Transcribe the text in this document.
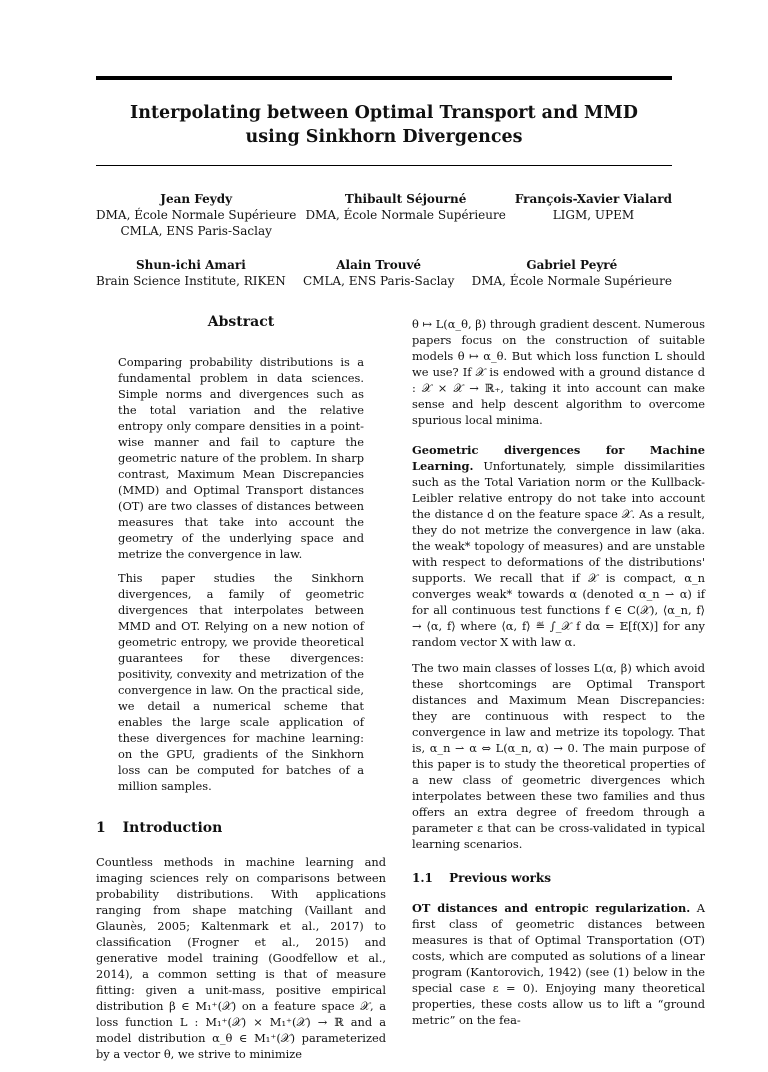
Interpolating between Optimal Transport and MMD
using Sinkhorn Divergences
Jean Feydy
DMA, École Normale Supérieure
CMLA, ENS Paris-Saclay
Thibault Séjourné
DMA, École Normale Supérieure
François-Xavier Vialard
LIGM, UPEM
Shun-ichi Amari
Brain Science Institute, RIKEN
Alain Trouvé
CMLA, ENS Paris-Saclay
Gabriel Peyré
DMA, École Normale Supérieure
Abstract

Comparing probability distributions is a fundamental problem in data sciences. Simple norms and divergences such as the total variation and the relative entropy only compare densities in a point-wise manner and fail to capture the geometric nature of the problem. In sharp contrast, Maximum Mean Discrepancies (MMD) and Optimal Transport distances (OT) are two classes of distances between measures that take into account the geometry of the underlying space and metrize the convergence in law.

This paper studies the Sinkhorn divergences, a family of geometric divergences that interpolates between MMD and OT. Relying on a new notion of geometric entropy, we provide theoretical guarantees for these divergences: positivity, convexity and metrization of the convergence in law. On the practical side, we detail a numerical scheme that enables the large scale application of these divergences for machine learning: on the GPU, gradients of the Sinkhorn loss can be computed for batches of a million samples.

1 Introduction

Countless methods in machine learning and imaging sciences rely on comparisons between probability distributions. With applications ranging from shape matching (Vaillant and Glaunès, 2005; Kaltenmark et al., 2017) to classification (Frogner et al., 2015) and generative model training (Goodfellow et al., 2014), a common setting is that of measure fitting: given a unit-mass, positive empirical distribution β ∈ M₁⁺(𝒳) on a feature space 𝒳, a loss function L : M₁⁺(𝒳) × M₁⁺(𝒳) → ℝ and a model distribution α_θ ∈ M₁⁺(𝒳) parameterized by a vector θ, we strive to minimize

θ ↦ L(α_θ, β) through gradient descent. Numerous papers focus on the construction of suitable models θ ↦ α_θ. But which loss function L should we use? If 𝒳 is endowed with a ground distance d : 𝒳 × 𝒳 → ℝ₊, taking it into account can make sense and help descent algorithm to overcome spurious local minima.

Geometric divergences for Machine Learning. Unfortunately, simple dissimilarities such as the Total Variation norm or the Kullback-Leibler relative entropy do not take into account the distance d on the feature space 𝒳. As a result, they do not metrize the convergence in law (aka. the weak* topology of measures) and are unstable with respect to deformations of the distributions' supports. We recall that if 𝒳 is compact, α_n converges weak* towards α (denoted α_n ⇀ α) if for all continuous test functions f ∈ C(𝒳), ⟨α_n, f⟩ → ⟨α, f⟩ where ⟨α, f⟩ ≝ ∫_𝒳 f dα = 𝔼[f(X)] for any random vector X with law α.

The two main classes of losses L(α, β) which avoid these shortcomings are Optimal Transport distances and Maximum Mean Discrepancies: they are continuous with respect to the convergence in law and metrize its topology. That is, α_n ⇀ α ⇔ L(α_n, α) → 0. The main purpose of this paper is to study the theoretical properties of a new class of geometric divergences which interpolates between these two families and thus offers an extra degree of freedom through a parameter ε that can be cross-validated in typical learning scenarios.

1.1 Previous works

OT distances and entropic regularization. A first class of geometric distances between measures is that of Optimal Transportation (OT) costs, which are computed as solutions of a linear program (Kantorovich, 1942) (see (1) below in the special case ε = 0). Enjoying many theoretical properties, these costs allow us to lift a “ground metric” on the fea-
